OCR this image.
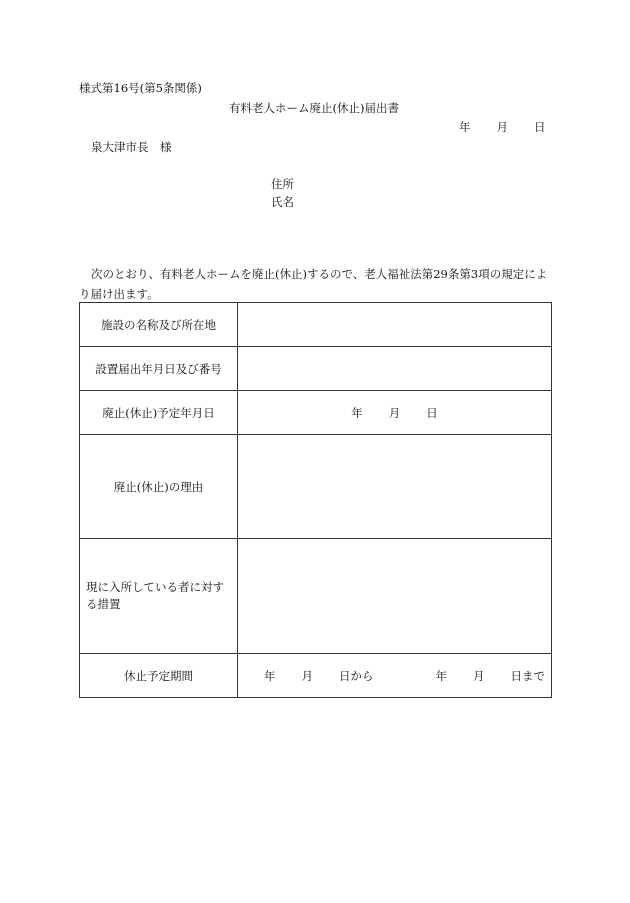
様式第16号(第5条関係)
有料老人ホーム廃止(休止)届出書
年 月 日
泉大津市長　様
住所
氏名
次のとおり、有料老人ホームを廃止(休止)するので、老人福祉法第29条第3項の規定によ
り届け出ます。
施設の名称及び所在地	
設置届出年月日及び番号	
廃止(休止)予定年月日	年 月 日
廃止(休止)の理由	
現に入所している者に対する措置	
休止予定期間	年 月 日から 年 月 日まで
